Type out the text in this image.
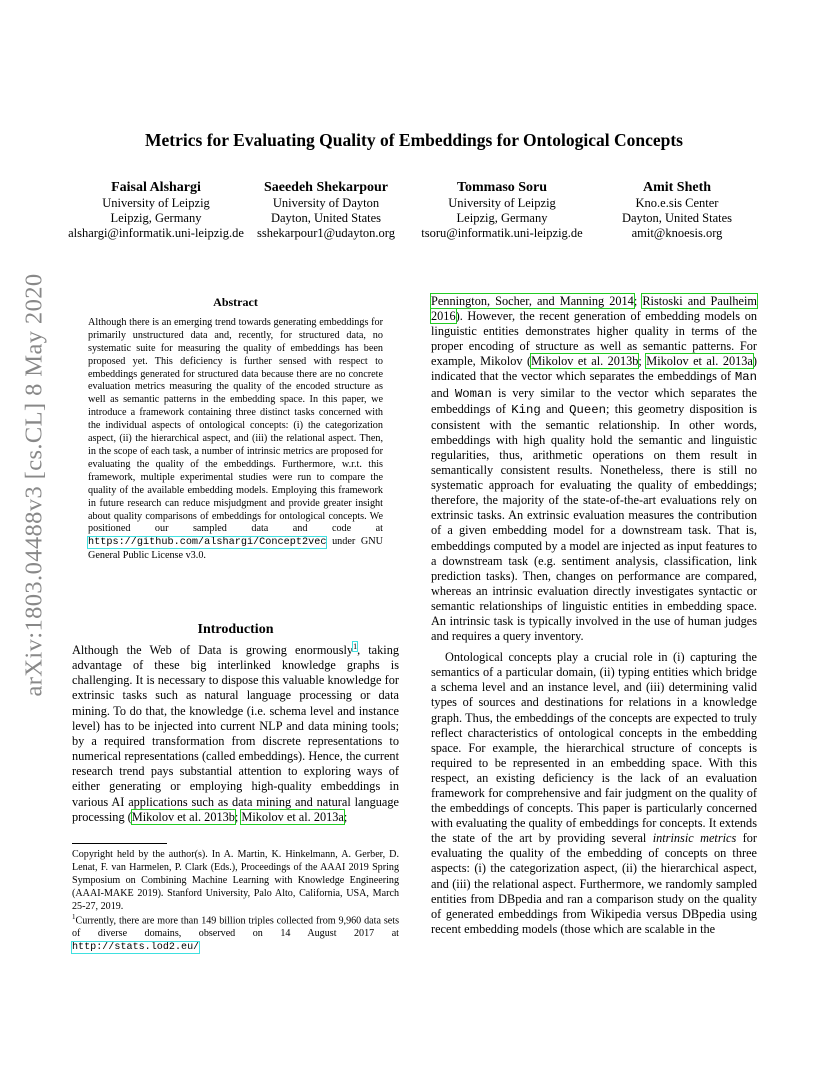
arXiv:1803.04488v3 [cs.CL] 8 May 2020
Metrics for Evaluating Quality of Embeddings for Ontological Concepts
Faisal Alshargi
University of Leipzig
Leipzig, Germany
alshargi@informatik.uni-leipzig.de
Saeedeh Shekarpour
University of Dayton
Dayton, United States
sshekarpour1@udayton.org
Tommaso Soru
University of Leipzig
Leipzig, Germany
tsoru@informatik.uni-leipzig.de
Amit Sheth
Kno.e.sis Center
Dayton, United States
amit@knoesis.org
Abstract

Although there is an emerging trend towards generating embeddings for primarily unstructured data and, recently, for structured data, no systematic suite for measuring the quality of embeddings has been proposed yet. This deficiency is further sensed with respect to embeddings generated for structured data because there are no concrete evaluation metrics measuring the quality of the encoded structure as well as semantic patterns in the embedding space. In this paper, we introduce a framework containing three distinct tasks concerned with the individual aspects of ontological concepts: (i) the categorization aspect, (ii) the hierarchical aspect, and (iii) the relational aspect. Then, in the scope of each task, a number of intrinsic metrics are proposed for evaluating the quality of the embeddings. Furthermore, w.r.t. this framework, multiple experimental studies were run to compare the quality of the available embedding models. Employing this framework in future research can reduce misjudgment and provide greater insight about quality comparisons of embeddings for ontological concepts. We positioned our sampled data and code at https://github.com/alshargi/Concept2vec under GNU General Public License v3.0.

Introduction

Although the Web of Data is growing enormously$^1$, taking advantage of these big interlinked knowledge graphs is challenging. It is necessary to dispose this valuable knowledge for extrinsic tasks such as natural language processing or data mining. To do that, the knowledge (i.e. schema level and instance level) has to be injected into current NLP and data mining tools; by a required transformation from discrete representations to numerical representations (called embeddings). Hence, the current research trend pays substantial attention to exploring ways of either generating or employing high-quality embeddings in various AI applications such as data mining and natural language processing (Mikolov et al. 2013b; Mikolov et al. 2013a;

Copyright held by the author(s). In A. Martin, K. Hinkelmann, A. Gerber, D. Lenat, F. van Harmelen, P. Clark (Eds.), Proceedings of the AAAI 2019 Spring Symposium on Combining Machine Learning with Knowledge Engineering (AAAI-MAKE 2019). Stanford University, Palo Alto, California, USA, March 25-27, 2019.

$^1$Currently, there are more than 149 billion triples collected from 9,960 data sets of diverse domains, observed on 14 August 2017 at http://stats.lod2.eu/

Pennington, Socher, and Manning 2014; Ristoski and Paulheim 2016). However, the recent generation of embedding models on linguistic entities demonstrates higher quality in terms of the proper encoding of structure as well as semantic patterns. For example, Mikolov (Mikolov et al. 2013b; Mikolov et al. 2013a) indicated that the vector which separates the embeddings of Man and Woman is very similar to the vector which separates the embeddings of King and Queen; this geometry disposition is consistent with the semantic relationship. In other words, embeddings with high quality hold the semantic and linguistic regularities, thus, arithmetic operations on them result in semantically consistent results. Nonetheless, there is still no systematic approach for evaluating the quality of embeddings; therefore, the majority of the state-of-the-art evaluations rely on extrinsic tasks. An extrinsic evaluation measures the contribution of a given embedding model for a downstream task. That is, embeddings computed by a model are injected as input features to a downstream task (e.g. sentiment analysis, classification, link prediction tasks). Then, changes on performance are compared, whereas an intrinsic evaluation directly investigates syntactic or semantic relationships of linguistic entities in embedding space. An intrinsic task is typically involved in the use of human judges and requires a query inventory.

Ontological concepts play a crucial role in (i) capturing the semantics of a particular domain, (ii) typing entities which bridge a schema level and an instance level, and (iii) determining valid types of sources and destinations for relations in a knowledge graph. Thus, the embeddings of the concepts are expected to truly reflect characteristics of ontological concepts in the embedding space. For example, the hierarchical structure of concepts is required to be represented in an embedding space. With this respect, an existing deficiency is the lack of an evaluation framework for comprehensive and fair judgment on the quality of the embeddings of concepts. This paper is particularly concerned with evaluating the quality of embeddings for concepts. It extends the state of the art by providing several intrinsic metrics for evaluating the quality of the embedding of concepts on three aspects: (i) the categorization aspect, (ii) the hierarchical aspect, and (iii) the relational aspect. Furthermore, we randomly sampled entities from DBpedia and ran a comparison study on the quality of generated embeddings from Wikipedia versus DBpedia using recent embedding models (those which are scalable in the
